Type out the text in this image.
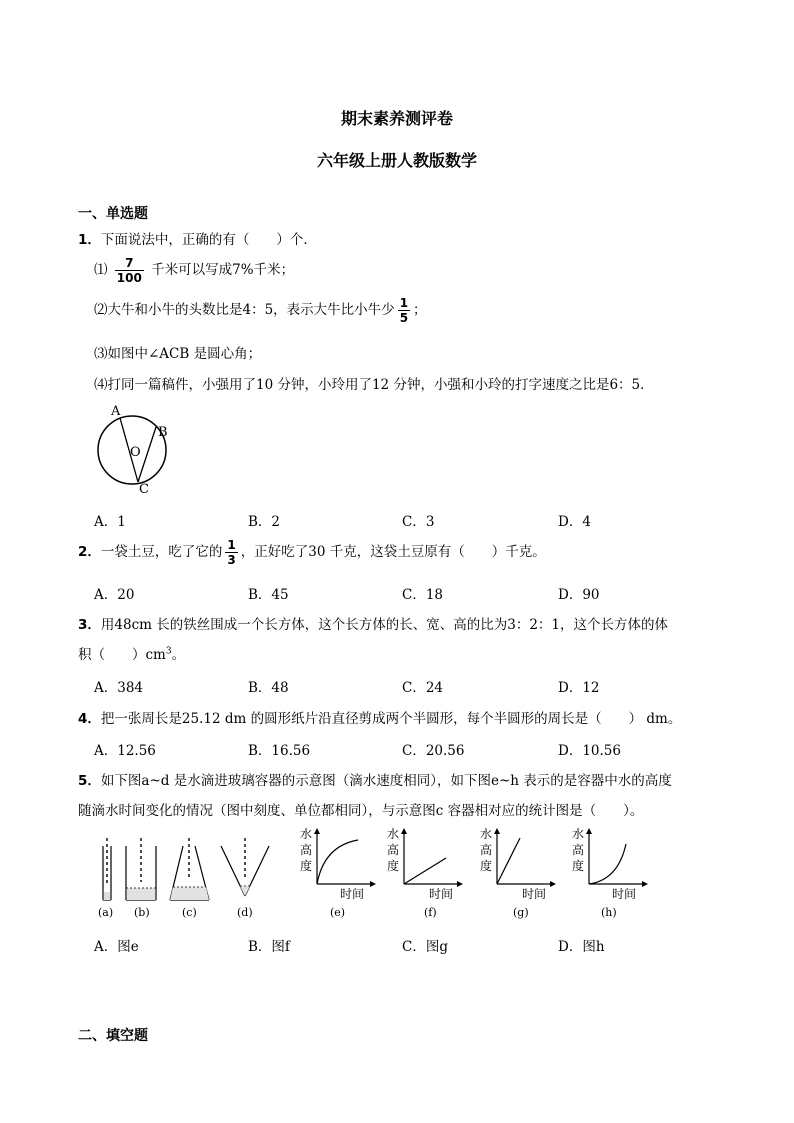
期末素养测评卷
六年级上册人教版数学
一、单选题
1．下面说法中，正确的有（　　）个．
⑴ $\frac{7}{100}$ 千米可以写成7%千米；
⑵大牛和小牛的头数比是4：5，表示大牛比小牛少 $\frac{1}{5}$ ；
⑶如图中∠ACB 是圆心角；
⑷打同一篇稿件，小强用了10 分钟，小玲用了12 分钟，小强和小玲的打字速度之比是6：5．
A
B
O
C
A．1	B．2	C．3	D．4
2．一袋土豆，吃了它的 $\frac{1}{3}$ ，正好吃了30 千克，这袋土豆原有（　　）千克。
A．20	B．45	C．18	D．90
3．用48cm 长的铁丝围成一个长方体，这个长方体的长、宽、高的比为3：2：1，这个长方体的体
积（　　）$cm^3$。
A．384	B．48	C．24	D．12
4．把一张周长是25.12 dm 的圆形纸片沿直径剪成两个半圆形，每个半圆形的周长是（　　） dm。
A．12.56	B．16.56	C．20.56	D．10.56
5．如下图a~d 是水滴进玻璃容器的示意图（滴水速度相同），如下图e~h 表示的是容器中水的高度
随滴水时间变化的情况（图中刻度、单位都相同），与示意图c 容器相对应的统计图是（　　）。
(a) (b)	(c)	(d)
水
高
度
时间
(e)
水
高
度
时间
(f)
水
高
度
时间
(g)
水
高
度
时间
(h)
A．图e	B．图f	C．图g	D．图h
二、填空题
